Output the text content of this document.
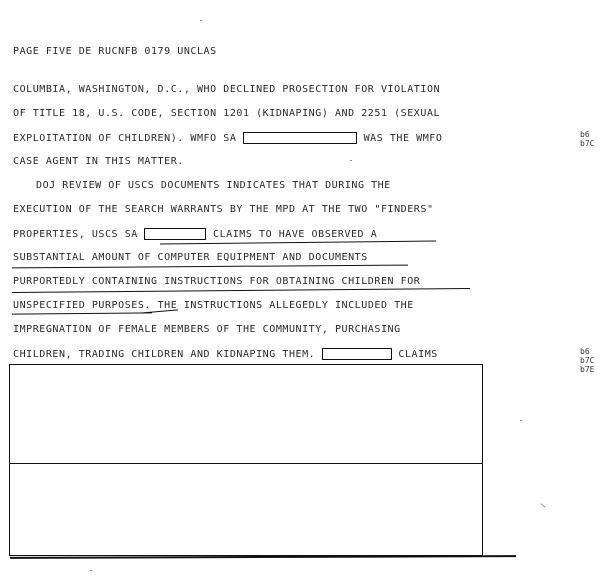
PAGE FIVE DE RUCNFB 0179 UNCLAS
COLUMBIA, WASHINGTON, D.C., WHO DECLINED PROSECTION FOR VIOLATION
OF TITLE 18, U.S. CODE, SECTION 1201 (KIDNAPING) AND 2251 (SEXUAL
EXPLOITATION OF CHILDREN). WMFO SA	WAS THE WMFO
CASE AGENT IN THIS MATTER.
DOJ REVIEW OF USCS DOCUMENTS INDICATES THAT DURING THE
EXECUTION OF THE SEARCH WARRANTS BY THE MPD AT THE TWO "FINDERS"
PROPERTIES, USCS SA	CLAIMS TO HAVE OBSERVED A
SUBSTANTIAL AMOUNT OF COMPUTER EQUIPMENT AND DOCUMENTS
PURPORTEDLY CONTAINING INSTRUCTIONS FOR OBTAINING CHILDREN FOR
UNSPECIFIED PURPOSES. THE INSTRUCTIONS ALLEGEDLY INCLUDED THE
IMPREGNATION OF FEMALE MEMBERS OF THE COMMUNITY, PURCHASING
CHILDREN, TRADING CHILDREN AND KIDNAPING THEM.	CLAIMS
b6
b7C
b6
b7C
b7E
